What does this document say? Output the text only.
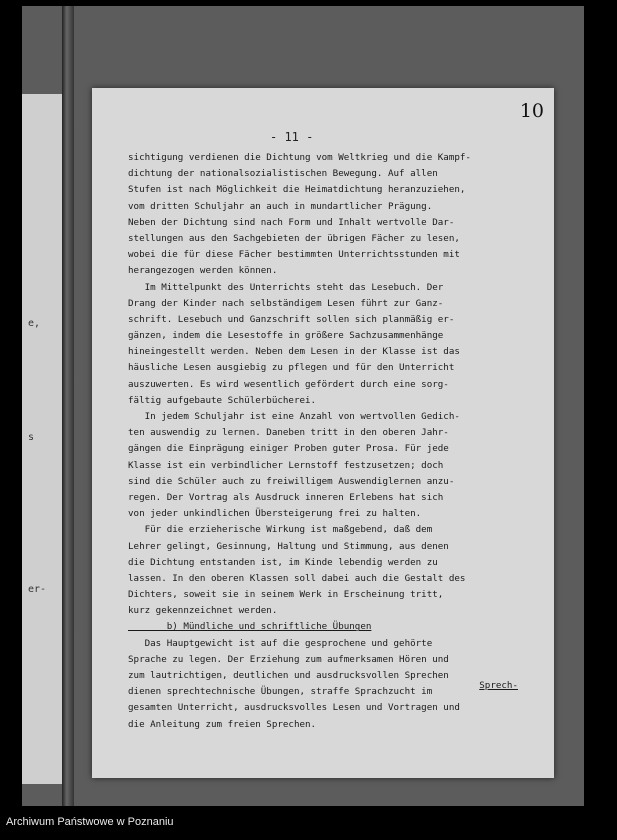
e,
s
er-
10
- 11 -
sichtigung verdienen die Dichtung vom Weltkrieg und die Kampf-
dichtung der nationalsozialistischen Bewegung. Auf allen
Stufen ist nach Möglichkeit die Heimatdichtung heranzuziehen,
vom dritten Schuljahr an auch in mundartlicher Prägung.
Neben der Dichtung sind nach Form und Inhalt wertvolle Dar-
stellungen aus den Sachgebieten der übrigen Fächer zu lesen,
wobei die für diese Fächer bestimmten Unterrichtsstunden mit
herangezogen werden können.
Im Mittelpunkt des Unterrichts steht das Lesebuch. Der
Drang der Kinder nach selbständigem Lesen führt zur Ganz-
schrift. Lesebuch und Ganzschrift sollen sich planmäßig er-
gänzen, indem die Lesestoffe in größere Sachzusammenhänge
hineingestellt werden. Neben dem Lesen in der Klasse ist das
häusliche Lesen ausgiebig zu pflegen und für den Unterricht
auszuwerten. Es wird wesentlich gefördert durch eine sorg-
fältig aufgebaute Schülerbücherei.
In jedem Schuljahr ist eine Anzahl von wertvollen Gedich-
ten auswendig zu lernen. Daneben tritt in den oberen Jahr-
gängen die Einprägung einiger Proben guter Prosa. Für jede
Klasse ist ein verbindlicher Lernstoff festzusetzen; doch
sind die Schüler auch zu freiwilligem Auswendiglernen anzu-
regen. Der Vortrag als Ausdruck inneren Erlebens hat sich
von jeder unkindlichen Übersteigerung frei zu halten.
Für die erzieherische Wirkung ist maßgebend, daß dem
Lehrer gelingt, Gesinnung, Haltung und Stimmung, aus denen
die Dichtung entstanden ist, im Kinde lebendig werden zu
lassen. In den oberen Klassen soll dabei auch die Gestalt des
Dichters, soweit sie in seinem Werk in Erscheinung tritt,
kurz gekennzeichnet werden.
b) Mündliche und schriftliche Übungen
Das Hauptgewicht ist auf die gesprochene und gehörte
Sprache zu legen. Der Erziehung zum aufmerksamen Hören und
zum lautrichtigen, deutlichen und ausdrucksvollen Sprechen
dienen sprechtechnische Übungen, straffe Sprachzucht im
gesamten Unterricht, ausdrucksvolles Lesen und Vortragen und
die Anleitung zum freien Sprechen.
Sprech-
Archiwum Państwowe w Poznaniu
